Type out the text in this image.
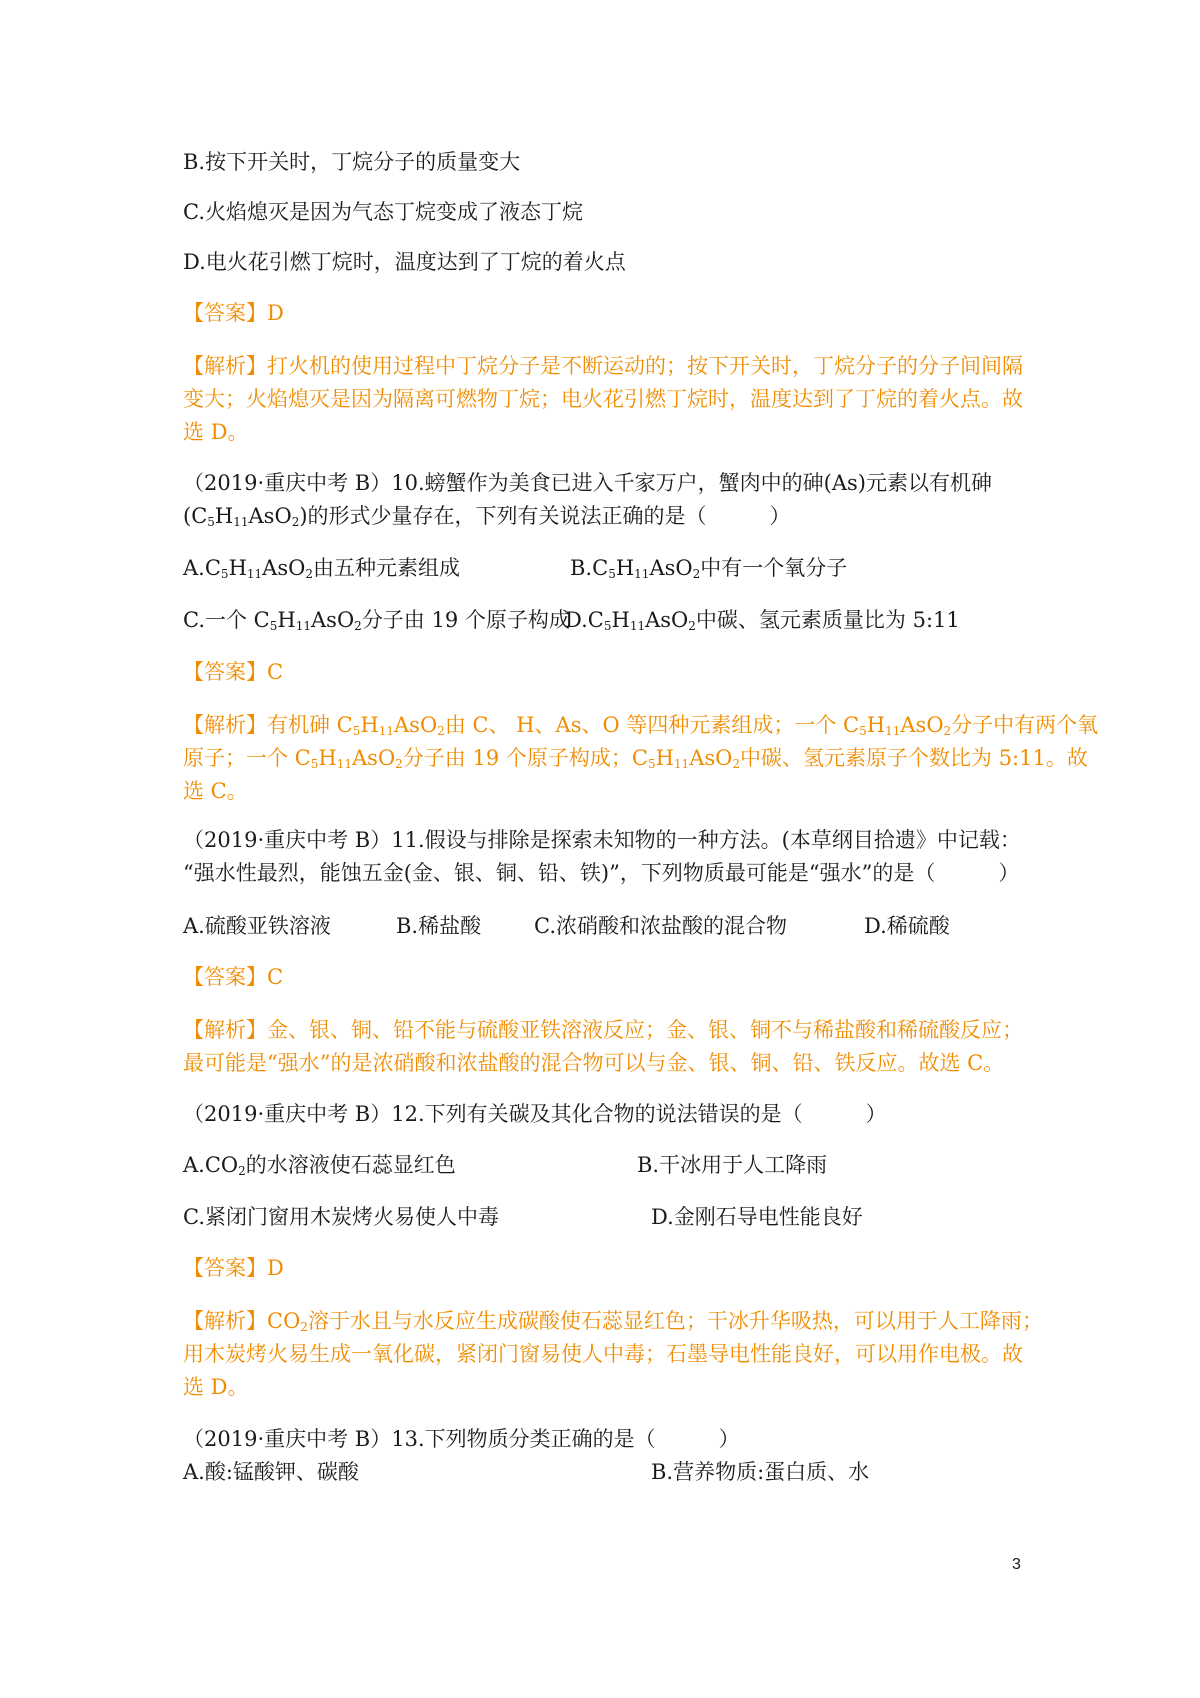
B.按下开关时，丁烷分子的质量变大
C.火焰熄灭是因为气态丁烷变成了液态丁烷
D.电火花引燃丁烷时，温度达到了丁烷的着火点
【答案】D
【解析】打火机的使用过程中丁烷分子是不断运动的；按下开关时，丁烷分子的分子间间隔
变大；火焰熄灭是因为隔离可燃物丁烷；电火花引燃丁烷时，温度达到了丁烷的着火点。故
选 D。
（2019·重庆中考 B）10.螃蟹作为美食已进入千家万户，蟹肉中的砷(As)元素以有机砷
$(C_5H_{11}AsO_2)$的形式少量存在，下列有关说法正确的是（　　　）
$A.C_5H_{11}AsO_2$由五种元素组成	$B.C_5H_{11}AsO_2$中有一个氧分子
C.一个 $C_5H_{11}AsO_2$分子由 19 个原子构成
$D.C_5H_{11}AsO_2$中碳、氢元素质量比为 5:11
【答案】C
【解析】有机砷 $C_5H_{11}AsO_2$由 C、 H、As、O 等四种元素组成；一个 $C_5H_{11}AsO_2$分子中有两个氧
原子；一个 $C_5H_{11}AsO_2$分子由 19 个原子构成；$C_5H_{11}AsO_2$中碳、氢元素原子个数比为 5:11。故
选 C。
（2019·重庆中考 B）11.假设与排除是探索未知物的一种方法。(本草纲目拾遗》中记载：
“强水性最烈，能蚀五金(金、银、铜、铅、铁)”，下列物质最可能是“强水”的是（　　　）
A.硫酸亚铁溶液	B.稀盐酸	C.浓硝酸和浓盐酸的混合物	D.稀硫酸
【答案】C
【解析】金、银、铜、铅不能与硫酸亚铁溶液反应；金、银、铜不与稀盐酸和稀硫酸反应；
最可能是“强水”的是浓硝酸和浓盐酸的混合物可以与金、银、铜、铅、铁反应。故选 C。
（2019·重庆中考 B）12.下列有关碳及其化合物的说法错误的是（　　　）
$A.CO_2$的水溶液使石蕊显红色	B.干冰用于人工降雨
C.紧闭门窗用木炭烤火易使人中毒	D.金刚石导电性能良好
【答案】D
【解析】$CO_2$溶于水且与水反应生成碳酸使石蕊显红色；干冰升华吸热，可以用于人工降雨；
用木炭烤火易生成一氧化碳，紧闭门窗易使人中毒；石墨导电性能良好，可以用作电极。故
选 D。
（2019·重庆中考 B）13.下列物质分类正确的是（　　　）
A.酸:锰酸钾、碳酸	B.营养物质:蛋白质、水
3
